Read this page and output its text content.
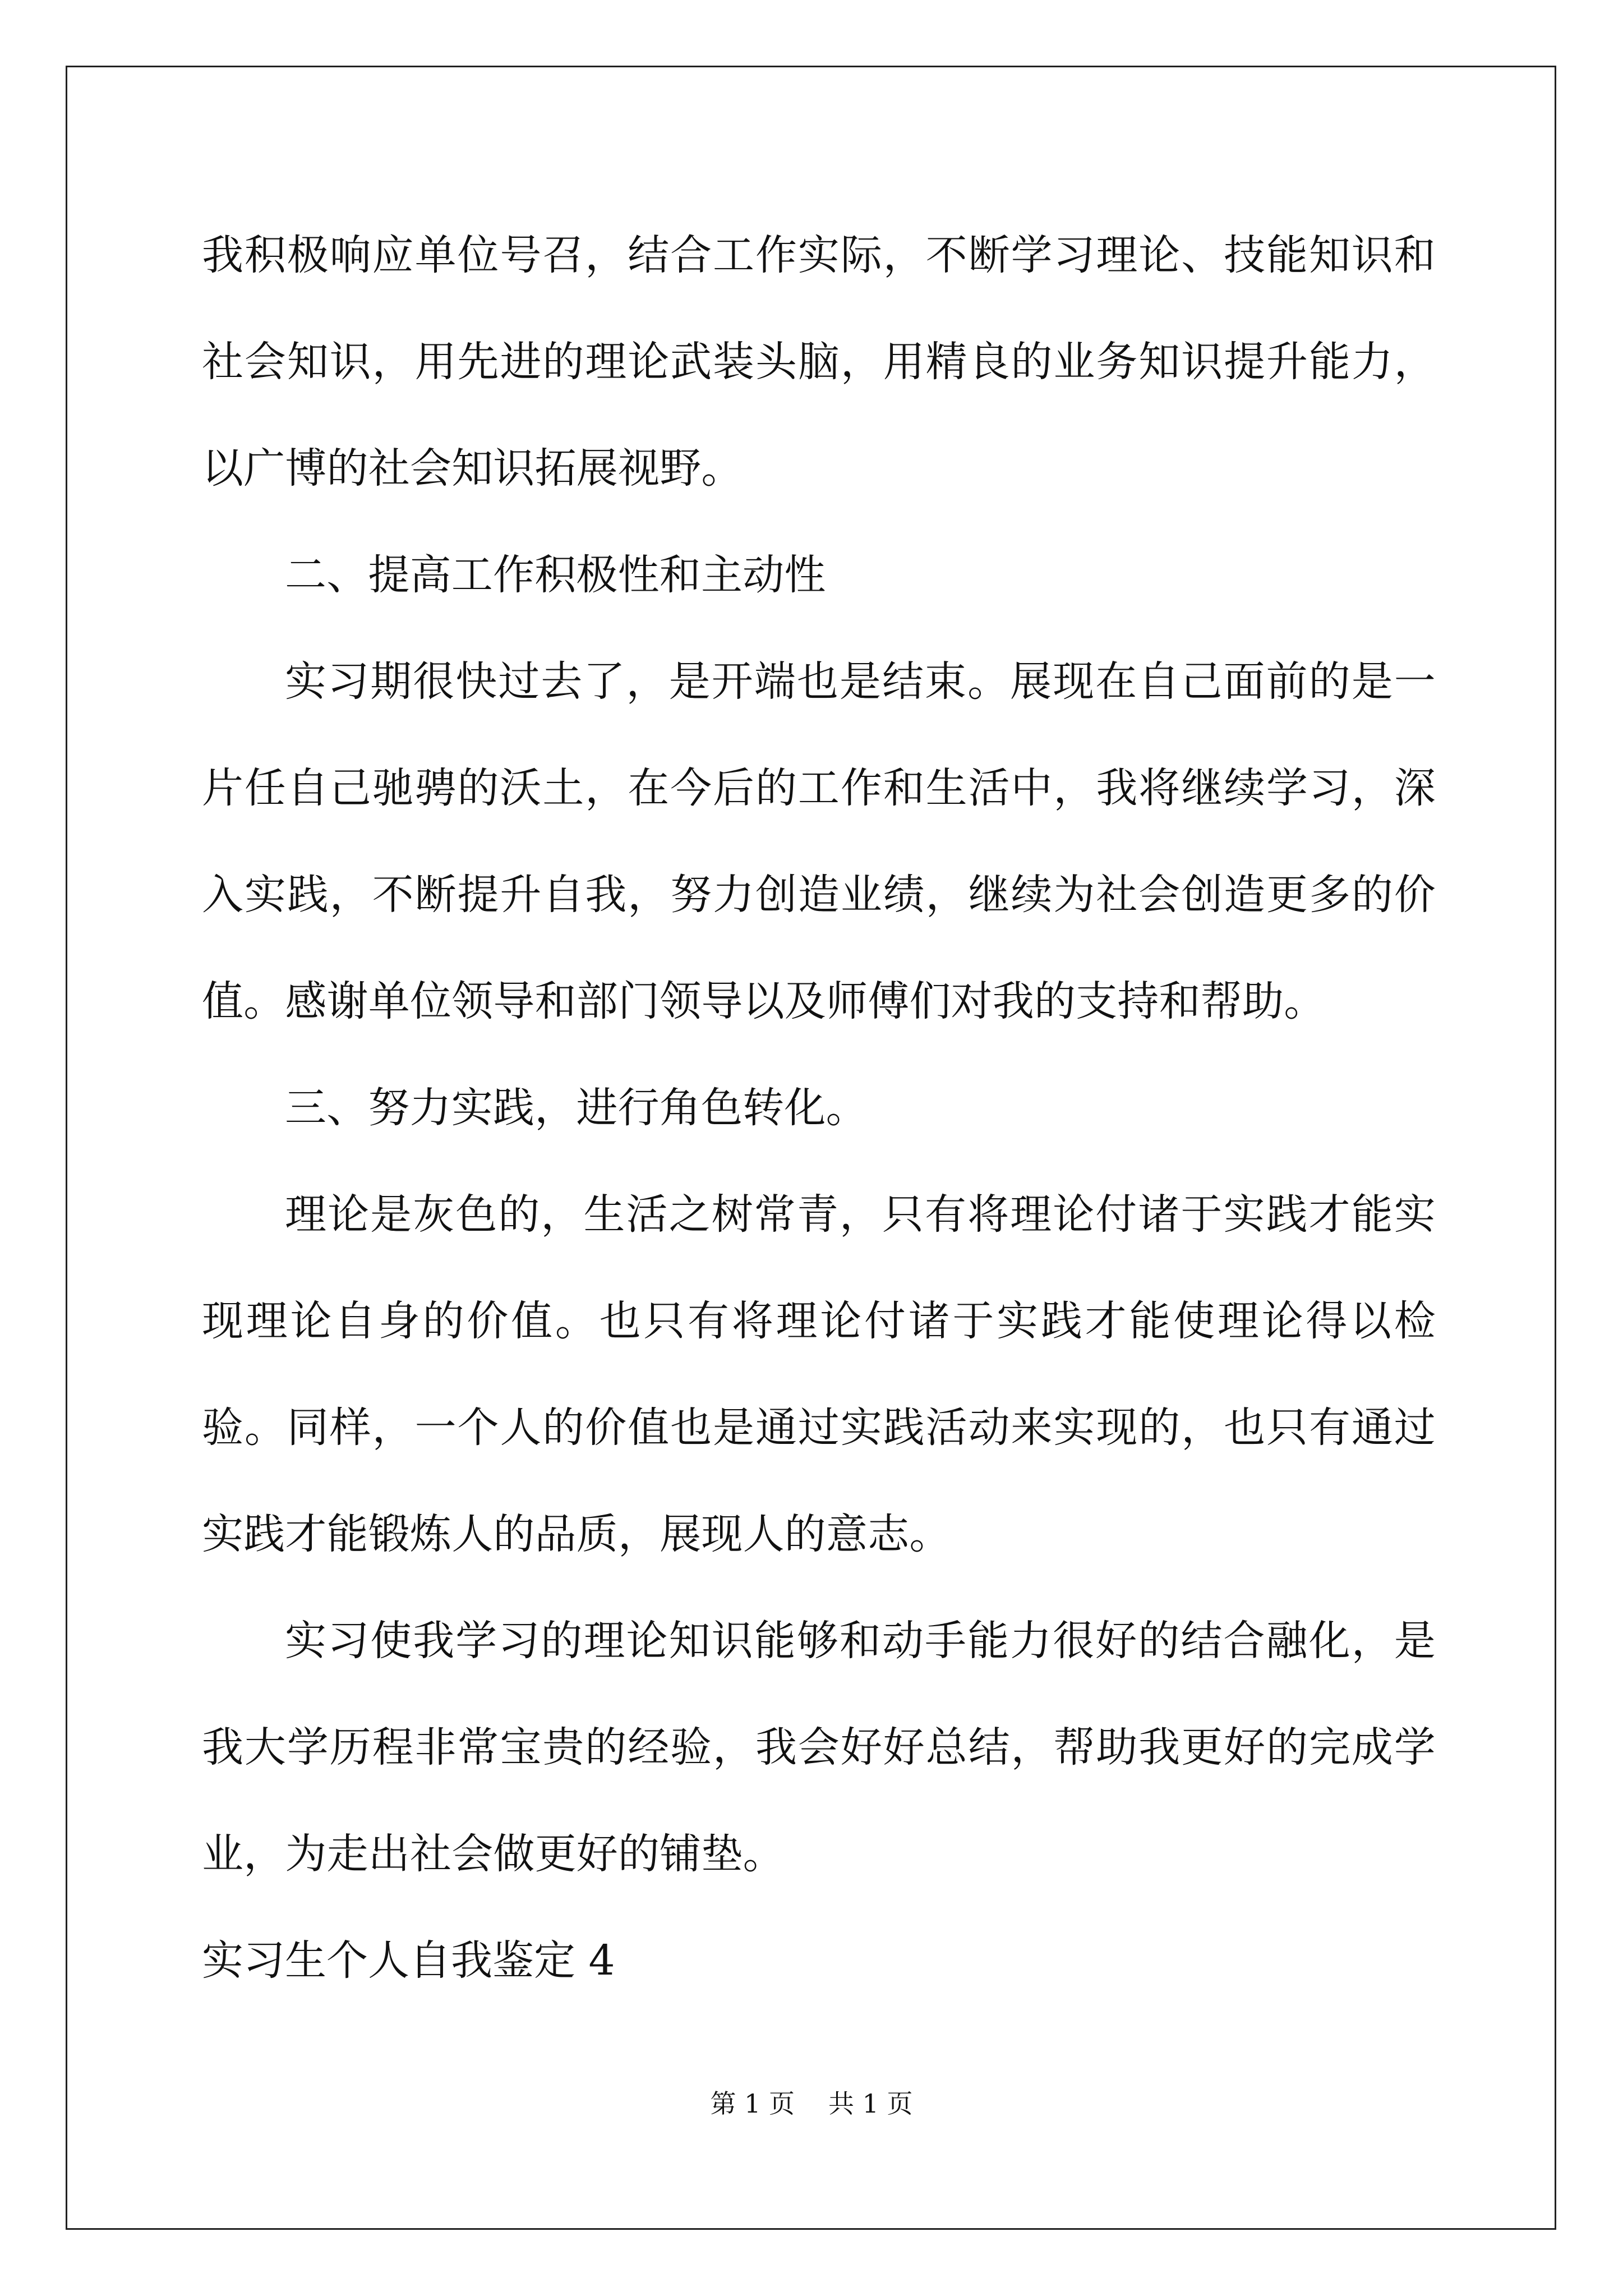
我积极响应单位号召，结合工作实际，不断学习理论、技能知识和社会知识，用先进的理论武装头脑，用精良的业务知识提升能力，以广博的社会知识拓展视野。

二、提高工作积极性和主动性

实习期很快过去了，是开端也是结束。展现在自己面前的是一片任自己驰骋的沃土，在今后的工作和生活中，我将继续学习，深入实践，不断提升自我，努力创造业绩，继续为社会创造更多的价值。感谢单位领导和部门领导以及师傅们对我的支持和帮助。

三、努力实践，进行角色转化。

理论是灰色的，生活之树常青，只有将理论付诸于实践才能实现理论自身的价值。也只有将理论付诸于实践才能使理论得以检验。同样，一个人的价值也是通过实践活动来实现的，也只有通过实践才能锻炼人的品质，展现人的意志。

实习使我学习的理论知识能够和动手能力很好的结合融化，是我大学历程非常宝贵的经验，我会好好总结，帮助我更好的完成学业，为走出社会做更好的铺垫。

实习生个人自我鉴定 4

第 1 页 共 1 页
